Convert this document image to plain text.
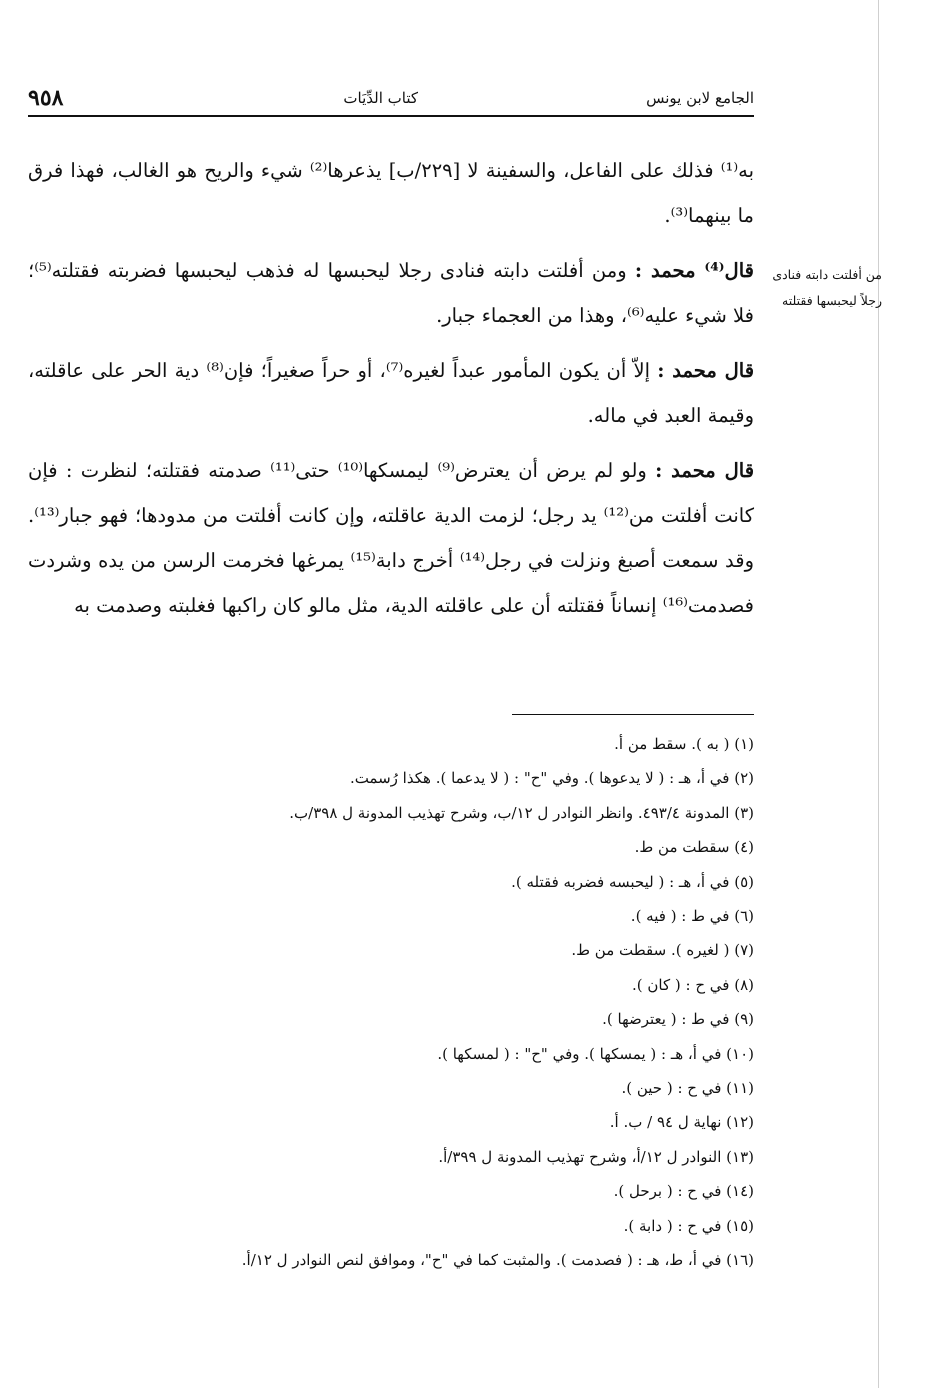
الجامع لابن يونس
كتاب الدِّيَات
٩٥٨

به⁽¹⁾ فذلك على الفاعل، والسفينة لا [٢٢٩/ب] يذعرها⁽²⁾ شيء والريح هو الغالب، فهذا فرق ما بينهما⁽³⁾.

قال⁽⁴⁾ محمد : ومن أفلتت دابته فنادى رجلا ليحبسها له فذهب ليحبسها فضربته فقتلته⁽⁵⁾؛ فلا شيء عليه⁽⁶⁾، وهذا من العجماء جبار.

قال محمد : إلاّ أن يكون المأمور عبداً لغيره⁽⁷⁾، أو حراً صغيراً؛ فإن⁽⁸⁾ دية الحر على عاقلته، وقيمة العبد في ماله.

قال محمد : ولو لم يرض أن يعترض⁽⁹⁾ ليمسكها⁽¹⁰⁾ حتى⁽¹¹⁾ صدمته فقتلته؛ لنظرت : فإن كانت أفلتت من⁽¹²⁾ يد رجل؛ لزمت الدية عاقلته، وإن كانت أفلتت من مدودها؛ فهو جبار⁽¹³⁾. وقد سمعت أصبغ ونزلت في رجل⁽¹⁴⁾ أخرج دابة⁽¹⁵⁾ يمرغها فخرمت الرسن من يده وشردت فصدمت⁽¹⁶⁾ إنساناً فقتلته أن على عاقلته الدية، مثل مالو كان راكبها فغلبته وصدمت به

من أفلتت دابته فنادى
رجلاً ليحبسها فقتلته
(١) ( به ). سقط من أ.
(٢) في أ، هـ : ( لا يدعوها ). وفي "ح" : ( لا يدعما ). هكذا رُسمت.
(٣) المدونة ٤٩٣/٤. وانظر النوادر ل ١٢/ب، وشرح تهذيب المدونة ل ٣٩٨/ب.
(٤) سقطت من ط.
(٥) في أ، هـ : ( ليحبسه فضربه فقتله ).
(٦) في ط : ( فيه ).
(٧) ( لغيره ). سقطت من ط.
(٨) في ح : ( كان ).
(٩) في ط : ( يعترضها ).
(١٠) في أ، هـ : ( يمسكها ). وفي "ح" : ( لمسكها ).
(١١) في ح : ( حين ).
(١٢) نهاية ل ٩٤ / ب. أ.
(١٣) النوادر ل ١٢/أ، وشرح تهذيب المدونة ل ٣٩٩/أ.
(١٤) في ح : ( برحل ).
(١٥) في ح : ( دابة ).
(١٦) في أ، ط، هـ : ( فصدمت ). والمثبت كما في "ح"، وموافق لنص النوادر ل ١٢/أ.
